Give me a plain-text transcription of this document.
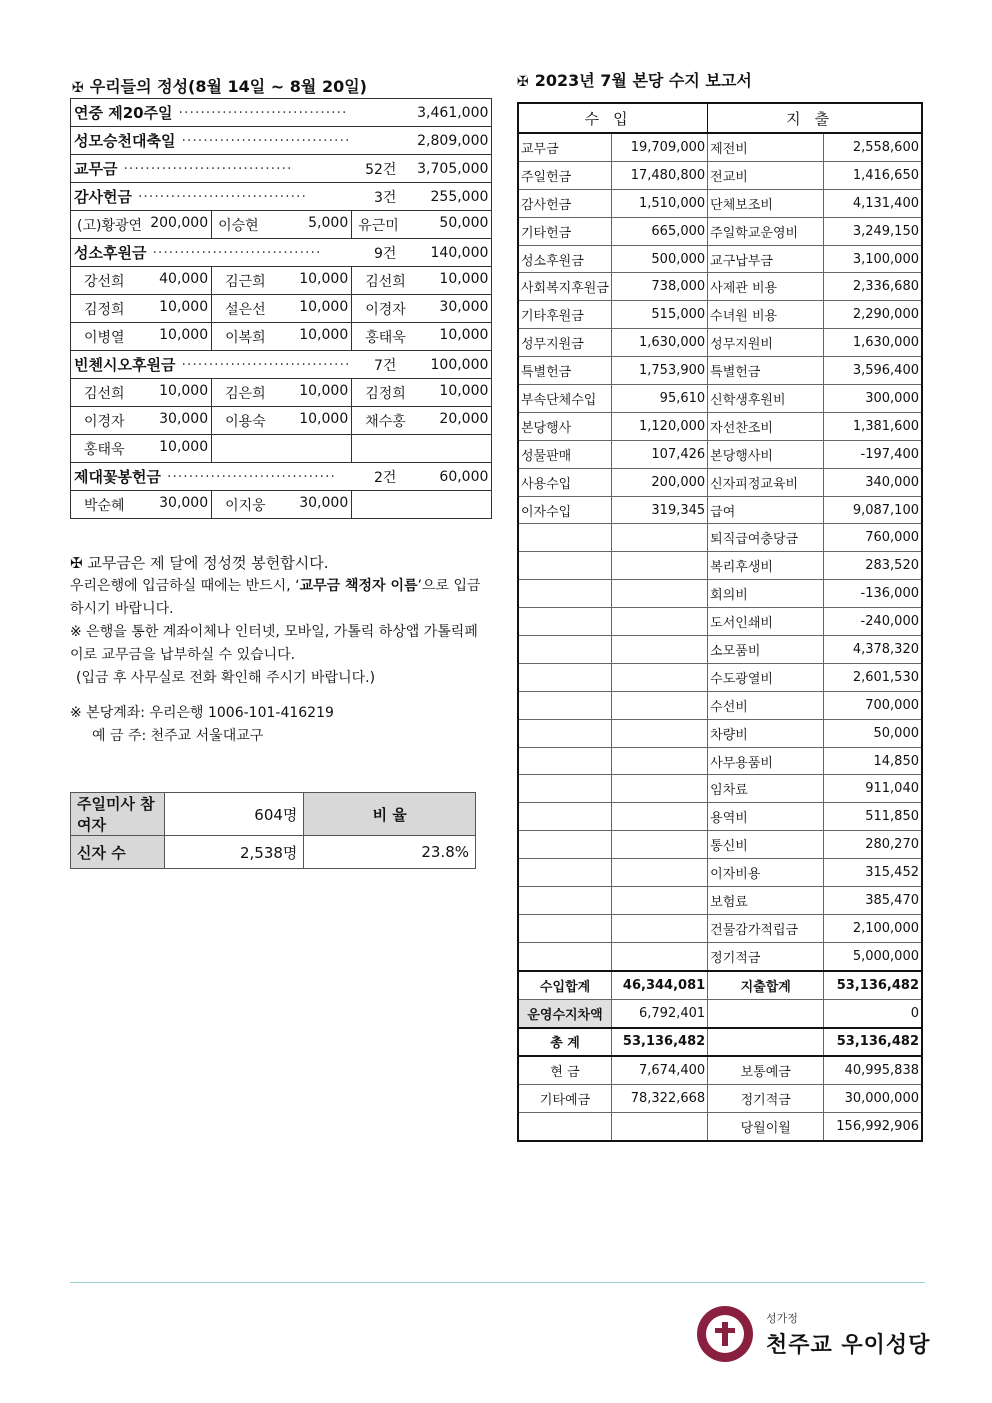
✠ 우리들의 정성(8월 14일 ~ 8월 20일)
연중 제20주일 ······························· 3,461,000		

성모승천대축일 ······························· 2,809,000		

교무금 ······························· 52건 3,705,000		

감사헌금 ······························· 3건 255,000		

(고)황광연 200,000	이승현 5,000	유근미 50,000

성소후원금 ······························· 9건 140,000		

강선희 40,000	김근희 10,000	김선희 10,000

김정희 10,000	설은선 10,000	이경자 30,000

이병열 10,000	이복희 10,000	홍태욱 10,000

빈첸시오후원금 ······························· 7건 100,000		

김선희 10,000	김은희 10,000	김정희 10,000

이경자 30,000	이용숙 10,000	채수홍 20,000

홍태욱 10,000		

제대꽃봉헌금 ······························· 2건 60,000		

박순혜 30,000	이지웅 30,000	

✠ 교무금은 제 달에 정성껏 봉헌합시다.
우리은행에 입금하실 때에는 반드시, ‘교무금 책정자 이름’으로 입금하시기 바랍니다.
※ 은행을 통한 계좌이체나 인터넷, 모바일, 가톨릭 하상앱 가톨릭페이로 교무금을 납부하실 수 있습니다.
(입금 후 사무실로 전화 확인해 주시기 바랍니다.)
※ 본당계좌: 우리은행 1006-101-416219
예 금 주: 천주교 서울대교구
주일미사 참여자	604명	비 율
신자 수	2,538명	23.8%
✠ 2023년 7월 본당 수지 보고서
수입		지출	
교무금	19,709,000	제전비	2,558,600
주일헌금	17,480,800	전교비	1,416,650
감사헌금	1,510,000	단체보조비	4,131,400
기타헌금	665,000	주일학교운영비	3,249,150
성소후원금	500,000	교구납부금	3,100,000
사회복지후원금	738,000	사제관 비용	2,336,680
기타후원금	515,000	수녀원 비용	2,290,000
성무지원금	1,630,000	성무지원비	1,630,000
특별헌금	1,753,900	특별헌금	3,596,400
부속단체수입	95,610	신학생후원비	300,000
본당행사	1,120,000	자선찬조비	1,381,600
성물판매	107,426	본당행사비	-197,400
사용수입	200,000	신자피정교육비	340,000
이자수입	319,345	급여	9,087,100
		퇴직급여충당금	760,000
		복리후생비	283,520
		회의비	-136,000
		도서인쇄비	-240,000
		소모품비	4,378,320
		수도광열비	2,601,530
		수선비	700,000
		차량비	50,000
		사무용품비	14,850
		임차료	911,040
		용역비	511,850
		통신비	280,270
		이자비용	315,452
		보험료	385,470
		건물감가적립금	2,100,000
		정기적금	5,000,000
수입합계	46,344,081	지출합계	53,136,482
운영수지차액	6,792,401		0
총 계	53,136,482		53,136,482
현 금	7,674,400	보통예금	40,995,838
기타예금	78,322,668	정기적금	30,000,000
		당월이월	156,992,906
성가정
천주교 우이성당
